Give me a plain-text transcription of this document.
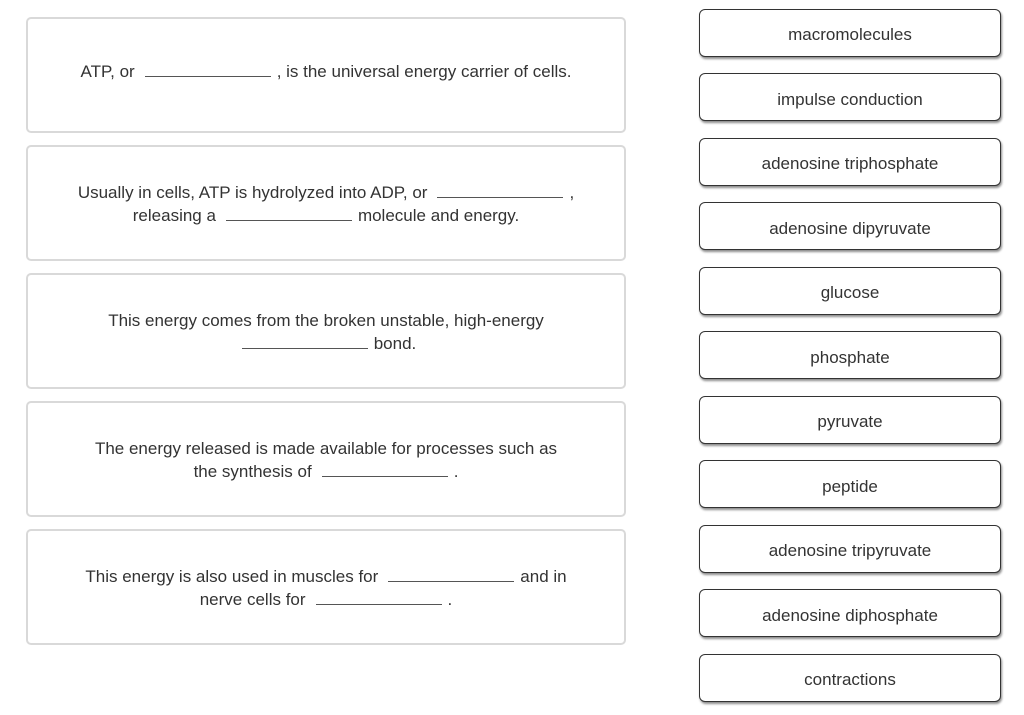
ATP, or	, is the universal energy carrier of cells.
Usually in cells, ATP is hydrolyzed into ADP, or	,
releasing a	molecule and energy.
This energy comes from the broken unstable, high-energy
bond.
The energy released is made available for processes such as
the synthesis of	.
This energy is also used in muscles for	and in
nerve cells for	.
macromolecules
impulse conduction
adenosine triphosphate
adenosine dipyruvate
glucose
phosphate
pyruvate
peptide
adenosine tripyruvate
adenosine diphosphate
contractions
